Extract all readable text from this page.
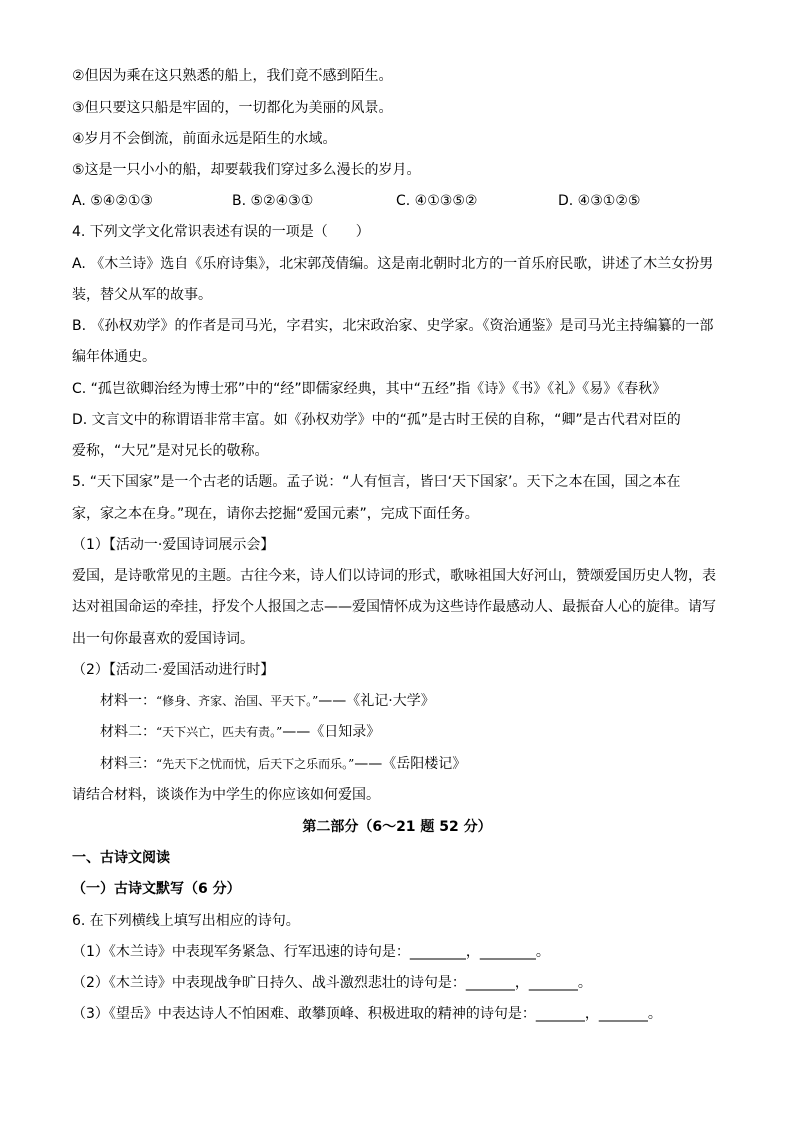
②但因为乘在这只熟悉的船上，我们竟不感到陌生。
③但只要这只船是牢固的，一切都化为美丽的风景。
④岁月不会倒流，前面永远是陌生的水域。
⑤这是一只小小的船，却要载我们穿过多么漫长的岁月。
A. ⑤④②①③	B. ⑤②④③①	C. ④①③⑤②	D. ④③①②⑤
4. 下列文学文化常识表述有误的一项是（　　）
A. 《木兰诗》选自《乐府诗集》，北宋郭茂倩编。这是南北朝时北方的一首乐府民歌，讲述了木兰女扮男
装，替父从军的故事。
B. 《孙权劝学》的作者是司马光，字君实，北宋政治家、史学家。《资治通鉴》是司马光主持编纂的一部
编年体通史。
C. “孤岂欲卿治经为博士邪”中的“经”即儒家经典，其中“五经”指《诗》《书》《礼》《易》《春秋》
D. 文言文中的称谓语非常丰富。如《孙权劝学》中的“孤”是古时王侯的自称，“卿”是古代君对臣的
爱称，“大兄”是对兄长的敬称。
5. “天下国家”是一个古老的话题。孟子说：“人有恒言，皆曰‘天下国家’。天下之本在国，国之本在
家，家之本在身。”现在，请你去挖掘“爱国元素”，完成下面任务。
（1）【活动一·爱国诗词展示会】
爱国，是诗歌常见的主题。古往今来，诗人们以诗词的形式，歌咏祖国大好河山，赞颂爱国历史人物，表
达对祖国命运的牵挂，抒发个人报国之志——爱国情怀成为这些诗作最感动人、最振奋人心的旋律。请写
出一句你最喜欢的爱国诗词。
（2）【活动二·爱国活动进行时】
材料一：“修身、齐家、治国、平天下。”——《礼记·大学》
材料二：“天下兴亡，匹夫有责。”——《日知录》
材料三：“先天下之忧而忧，后天下之乐而乐。”——《岳阳楼记》
请结合材料，谈谈作为中学生的你应该如何爱国。
第二部分（6～21 题 52 分）
一、古诗文阅读
（一）古诗文默写（6 分）
6. 在下列横线上填写出相应的诗句。
（1）《木兰诗》中表现军务紧急、行军迅速的诗句是：________，________。
（2）《木兰诗》中表现战争旷日持久、战斗激烈悲壮的诗句是：_______，_______。
（3）《望岳》中表达诗人不怕困难、敢攀顶峰、积极进取的精神的诗句是：_______，_______。
